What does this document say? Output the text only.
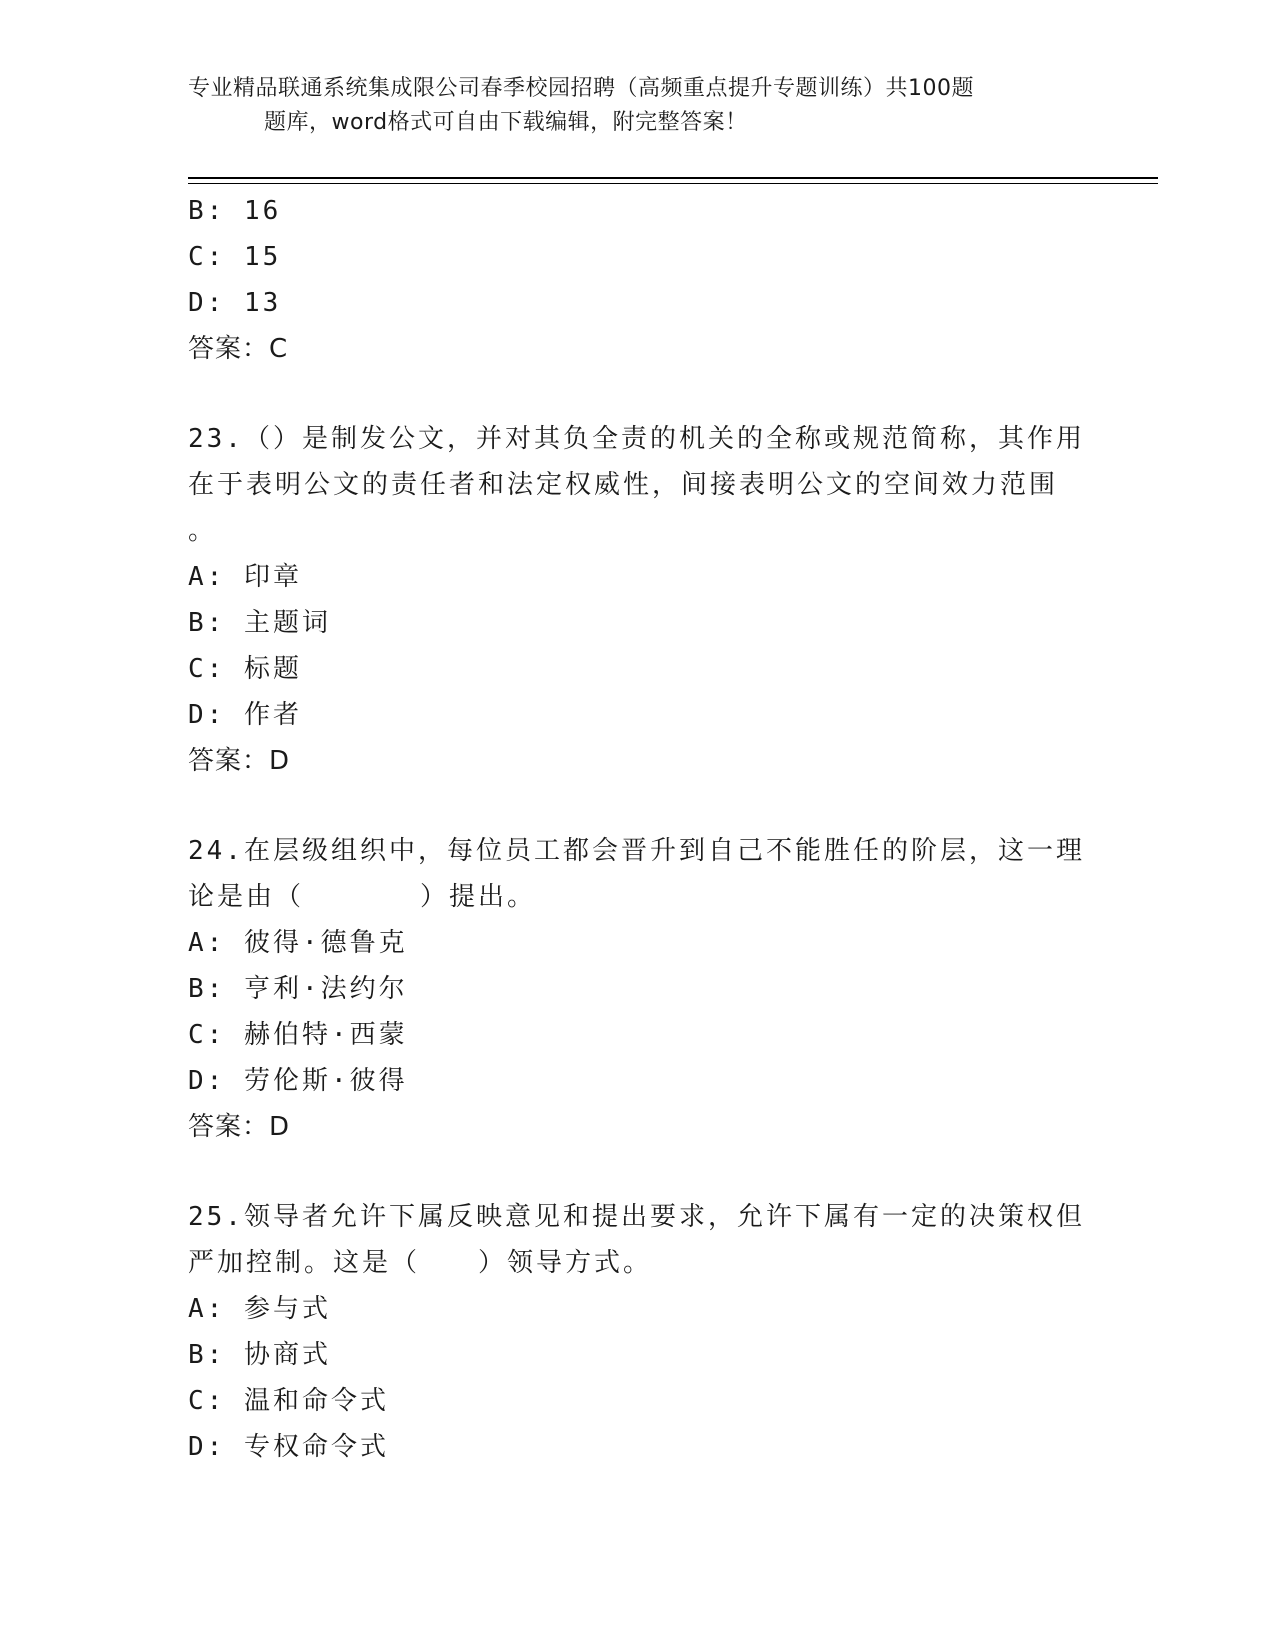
专业精品联通系统集成限公司春季校园招聘（高频重点提升专题训练）共100题
题库，word格式可自由下载编辑，附完整答案！
B: 16
C: 15
D: 13
答案：C
23.（）是制发公文，并对其负全责的机关的全称或规范简称，其作用
在于表明公文的责任者和法定权威性，间接表明公文的空间效力范围
。
A: 印章
B: 主题词
C: 标题
D: 作者
答案：D
24.在层级组织中，每位员工都会晋升到自己不能胜任的阶层，这一理
论是由（　　　　）提出。
A: 彼得·德鲁克
B: 亨利·法约尔
C: 赫伯特·西蒙
D: 劳伦斯·彼得
答案：D
25.领导者允许下属反映意见和提出要求，允许下属有一定的决策权但
严加控制。这是（　　）领导方式。
A: 参与式
B: 协商式
C: 温和命令式
D: 专权命令式
